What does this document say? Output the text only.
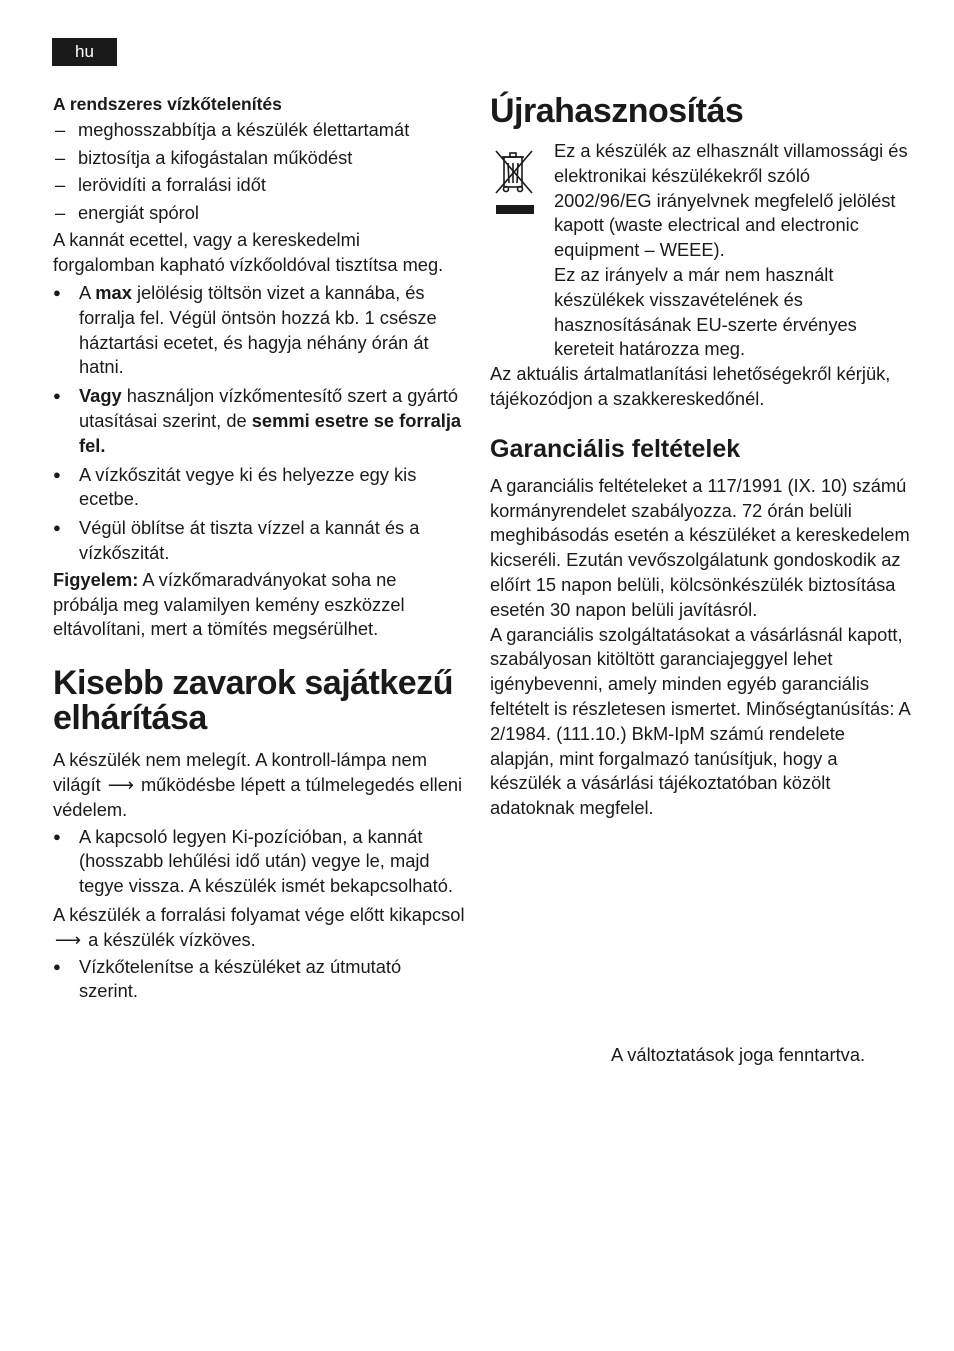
hu
A rendszeres vízkőtelenítés
– meghosszabbítja a készülék élettartamát
– biztosítja a kifogástalan működést
– lerövidíti a forralási időt
– energiát spórol

A kannát ecettel, vagy a kereskedelmi forgalomban kapható vízkőoldóval tisztítsa meg.

● A max jelölésig töltsön vizet a kannába, és forralja fel. Végül öntsön hozzá kb. 1 csésze háztartási ecetet, és hagyja néhány órán át hatni.
● Vagy használjon vízkőmentesítő szert a gyártó utasításai szerint, de semmi esetre se forralja fel.
● A vízkőszitát vegye ki és helyezze egy kis ecetbe.
● Végül öblítse át tiszta vízzel a kannát és a vízkőszitát.

Figyelem: A vízkőmaradványokat soha ne próbálja meg valamilyen kemény eszközzel eltávolítani, mert a tömítés megsérülhet.

Kisebb zavarok sajátkezű elhárítása

A készülék nem melegít. A kontroll-lámpa nem világít ⟶ működésbe lépett a túlmelegedés elleni védelem.

● A kapcsoló legyen Ki-pozícióban, a kannát (hosszabb lehűlési idő után) vegye le, majd tegye vissza. A készülék ismét bekapcsolható.

A készülék a forralási folyamat vége előtt kikapcsol ⟶ a készülék vízköves.

● Vízkőtelenítse a készüléket az útmutató szerint.
Újrahasznosítás

Ez a készülék az elhasznált villamossági és elektronikai készülékekről szóló 2002/96/EG irányelvnek megfelelő jelölést kapott (waste electrical and electronic equipment – WEEE).

Ez az irányelv a már nem használt készülékek visszavételének és hasznosításának EU-szerte érvényes kereteit határozza meg.

Az aktuális ártalmatlanítási lehetőségekről kérjük, tájékozódjon a szakkereskedőnél.

Garanciális feltételek

A garanciális feltételeket a 117/1991 (IX. 10) számú kormányrendelet szabályozza. 72 órán belüli meghibásodás esetén a készüléket a kereskedelem kicseréli. Ezután vevőszolgálatunk gondoskodik az előírt 15 napon belüli, kölcsönkészülék biztosítása esetén 30 napon belüli javításról.

A garanciális szolgáltatásokat a vásárlásnál kapott, szabályosan kitöltött garanciajeggyel lehet igénybevenni, amely minden egyéb garanciális feltételt is részletesen ismertet. Minőségtanúsítás: A 2/1984. (111.10.) BkM-IpM számú rendelete alapján, mint forgalmazó tanúsítjuk, hogy a készülék a vásárlási tájékoztatóban közölt adatoknak megfelel.

A változtatások joga fenntartva.
